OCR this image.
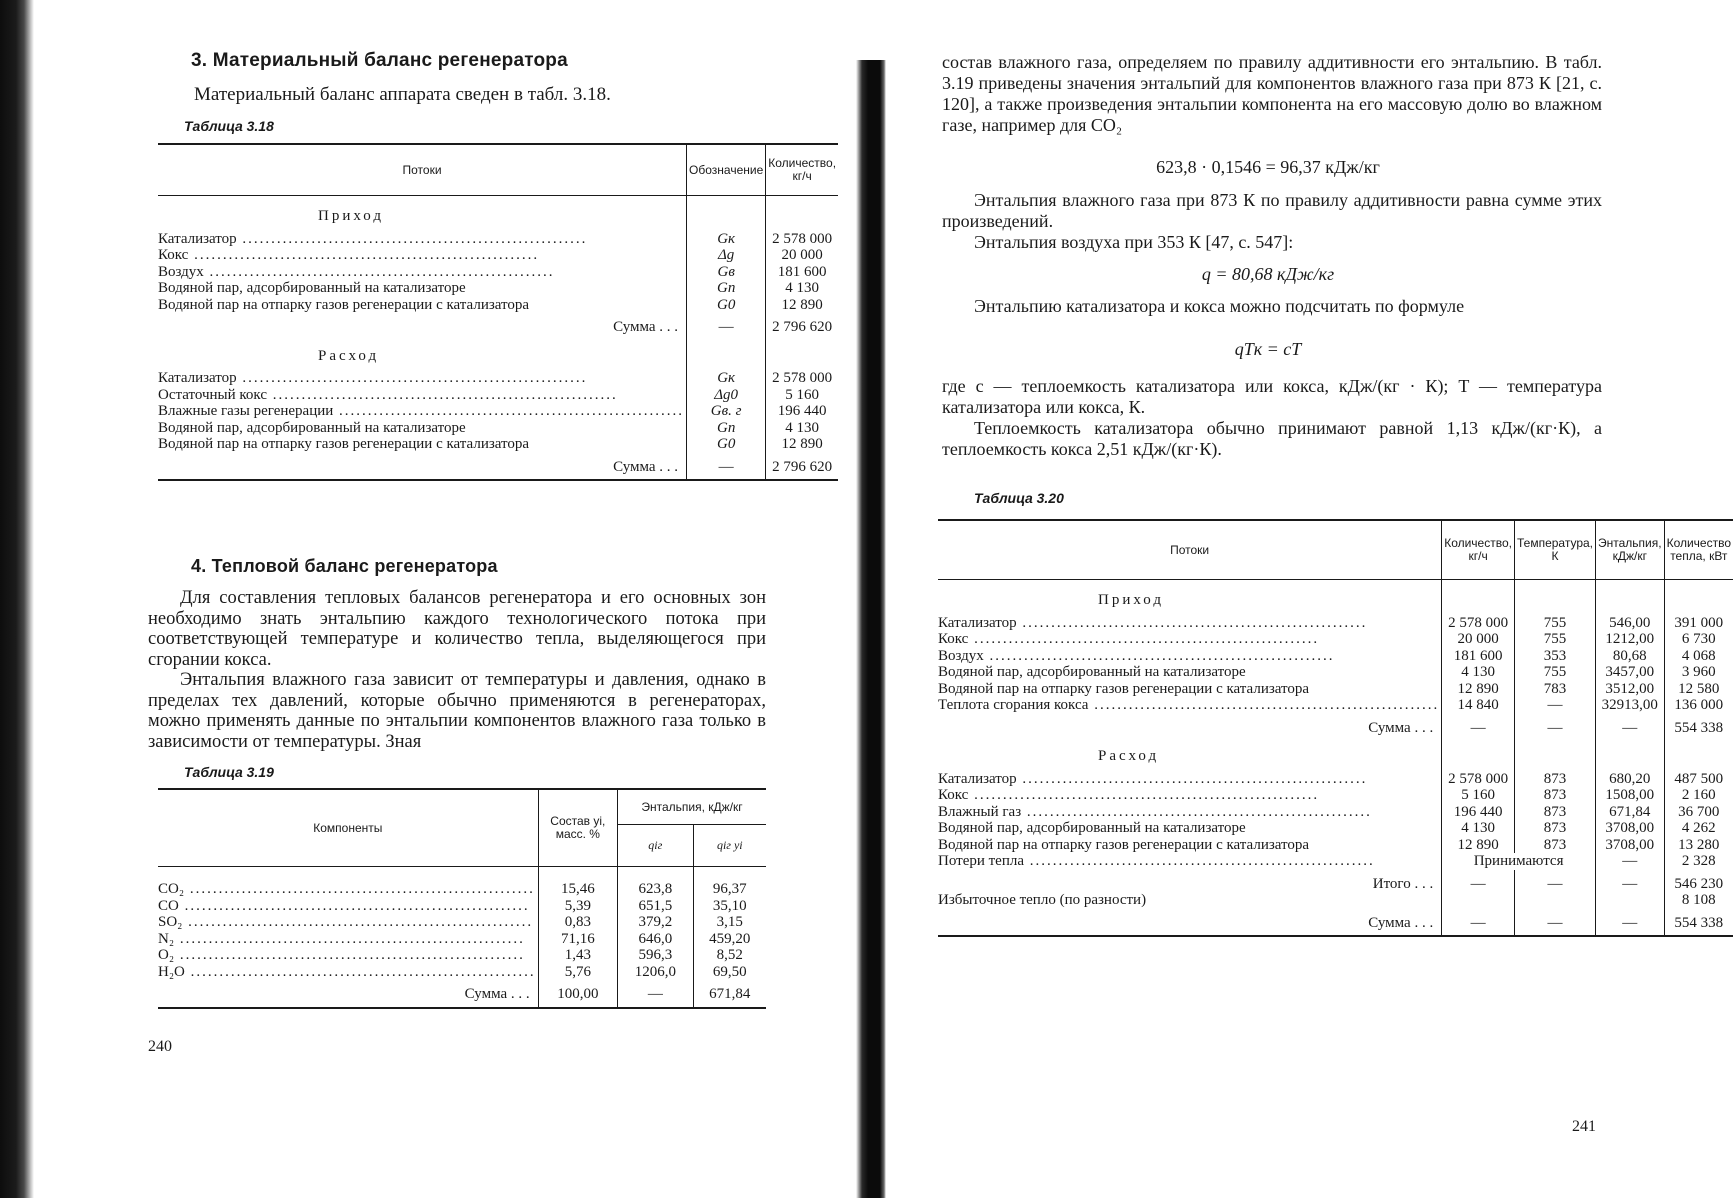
3. Материальный баланс регенератора

Материальный баланс аппарата сведен в табл. 3.18.

Таблица 3.18
Потоки	Обозначение	Количество, кг/ч
Приход		
Катализатор ............................................................	Gк	2 578 000
Кокс ............................................................	Δg	20 000
Воздух ............................................................	Gв	181 600
Водяной пар, адсорбированный на катализаторе	Gп	4 130
Водяной пар на отпарку газов регенерации с катализатора	G0	12 890
Сумма . . .	—	2 796 620
Расход		
Катализатор ............................................................	Gк	2 578 000
Остаточный кокс ............................................................	Δg0	5 160
Влажные газы регенерации ............................................................	Gв. г	196 440
Водяной пар, адсорбированный на катализаторе	Gп	4 130
Водяной пар на отпарку газов регенерации с катализатора	G0	12 890
Сумма . . .	—	2 796 620
4. Тепловой баланс регенератора

Для составления тепловых балансов регенератора и его основных зон необходимо знать энтальпию каждого технологического потока при соответствующей температуре и количество тепла, выделяющегося при сгорании кокса.

Энтальпия влажного газа зависит от температуры и давления, однако в пределах тех давлений, которые обычно применяются в регенераторах, можно применять данные по энтальпии компонентов влажного газа только в зависимости от температуры. Зная

Таблица 3.19
Компоненты	Состав yi, масс. %	Энтальпия, кДж/кг	
		qiг	qiг yi

CO₂ ............................................................	15,46	623,8	96,37
CO ............................................................	5,39	651,5	35,10
SO₂ ............................................................	0,83	379,2	3,15
N₂ ............................................................	71,16	646,0	459,20
O₂ ............................................................	1,43	596,3	8,52
H₂O ............................................................	5,76	1206,0	69,50
Сумма . . .	100,00	—	671,84
240

состав влажного газа, определяем по правилу аддитивности его энтальпию. В табл. 3.19 приведены значения энтальпий для компонентов влажного газа при 873 К [21, с. 120], а также произведения энтальпии компонента на его массовую долю во влажном газе, например для CO₂

623,8 · 0,1546 = 96,37 кДж/кг

Энтальпия влажного газа при 873 К по правилу аддитивности равна сумме этих произведений.

Энтальпия воздуха при 353 К [47, с. 547]:

q = 80,68 кДж/кг

Энтальпию катализатора и кокса можно подсчитать по формуле

qTк = cT

где c — теплоемкость катализатора или кокса, кДж/(кг · К); T — температура катализатора или кокса, К.

Теплоемкость катализатора обычно принимают равной 1,13 кДж/(кг·К), а теплоемкость кокса 2,51 кДж/(кг·К).

Таблица 3.20
Потоки	Количество, кг/ч	Температура, К	Энтальпия, кДж/кг	Количество тепла, кВт
Приход				
Катализатор ............................................................	2 578 000	755	546,00	391 000
Кокс ............................................................	20 000	755	1212,00	6 730
Воздух ............................................................	181 600	353	80,68	4 068
Водяной пар, адсорбированный на катализаторе	4 130	755	3457,00	3 960
Водяной пар на отпарку газов регенерации с катализатора	12 890	783	3512,00	12 580
Теплота сгорания кокса ............................................................	14 840	—	32913,00	136 000
Сумма . . .	—	—	—	554 338
Расход				
Катализатор ............................................................	2 578 000	873	680,20	487 500
Кокс ............................................................	5 160	873	1508,00	2 160
Влажный газ ............................................................	196 440	873	671,84	36 700
Водяной пар, адсорбированный на катализаторе	4 130	873	3708,00	4 262
Водяной пар на отпарку газов регенерации с катализатора	12 890	873	3708,00	13 280
Потери тепла ............................................................	Принимаются		—	2 328
Итого . . .	—	—	—	546 230
Избыточное тепло (по разности)				8 108
Сумма . . .	—	—	—	554 338
241
